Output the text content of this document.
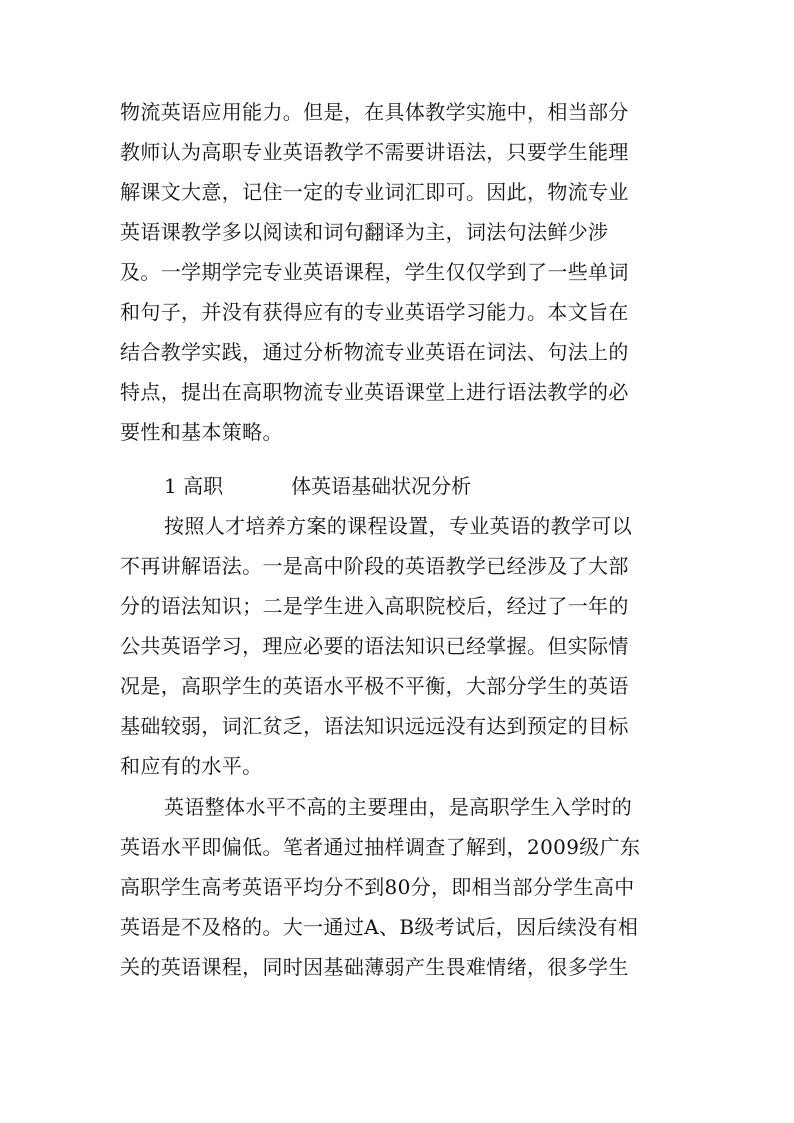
物流英语应用能力。但是，在具体教学实施中，相当部分
教师认为高职专业英语教学不需要讲语法，只要学生能理
解课文大意，记住一定的专业词汇即可。因此，物流专业
英语课教学多以阅读和词句翻译为主，词法句法鲜少涉
及。一学期学完专业英语课程，学生仅仅学到了一些单词
和句子，并没有获得应有的专业英语学习能力。本文旨在
结合教学实践，通过分析物流专业英语在词法、句法上的
特点，提出在高职物流专业英语课堂上进行语法教学的必
要性和基本策略。
1 高职	体英语基础状况分析
按照人才培养方案的课程设置，专业英语的教学可以
不再讲解语法。一是高中阶段的英语教学已经涉及了大部
分的语法知识；二是学生进入高职院校后，经过了一年的
公共英语学习，理应必要的语法知识已经掌握。但实际情
况是，高职学生的英语水平极不平衡，大部分学生的英语
基础较弱，词汇贫乏，语法知识远远没有达到预定的目标
和应有的水平。
英语整体水平不高的主要理由，是高职学生入学时的
英语水平即偏低。笔者通过抽样调查了解到，2009级广东
高职学生高考英语平均分不到80分，即相当部分学生高中
英语是不及格的。大一通过A、B级考试后，因后续没有相
关的英语课程，同时因基础薄弱产生畏难情绪，很多学生
